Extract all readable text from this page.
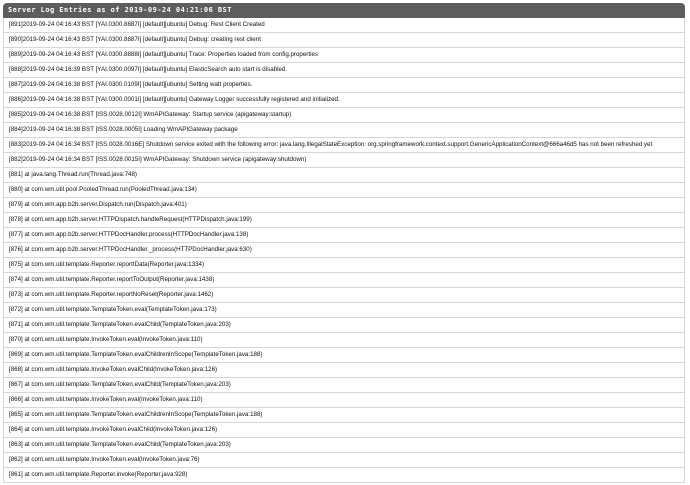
Server Log Entries as of 2019-09-24 04:21:06 BST
[891]2019-09-24 04:16:43 BST [YAI.0300.8887I] [default][ubuntu] Debug: Rest Client Created
[890]2019-09-24 04:16:43 BST [YAI.0300.8887I] [default][ubuntu] Debug: creating rest client
[889]2019-09-24 04:16:43 BST [YAI.0300.8888I] [default][ubuntu] Trace: Properties loaded from config.properties
[888]2019-09-24 04:16:39 BST [YAI.0300.0097I] [default][ubuntu] ElasticSearch auto start is disabled.
[887]2019-09-24 04:16:38 BST [YAI.0300.0109I] [default][ubuntu] Setting watt properties.
[886]2019-09-24 04:16:38 BST [YAI.0300.0001I] [default][ubuntu] Gateway Logger successfully registered and initialized.
[885]2019-09-24 04:16:38 BST [ISS.0028.0012I] WmAPIGateway: Startup service (apigateway:startup)
[884]2019-09-24 04:16:38 BST [ISS.0028.0005I] Loading WmAPIGateway package
[883]2019-09-24 04:16:34 BST [ISS.0028.0016E] Shutdown service exited with the following error: java.lang.IllegalStateException: org.springframework.context.support.GenericApplicationContext@666a46d5 has not been refreshed yet
[882]2019-09-24 04:16:34 BST [ISS.0028.0015I] WmAPIGateway: Shutdown service (apigateway:shutdown)
[881] at java.lang.Thread.run(Thread.java:748)
[880] at com.wm.util.pool.PooledThread.run(PooledThread.java:134)
[879] at com.wm.app.b2b.server.Dispatch.run(Dispatch.java:401)
[878] at com.wm.app.b2b.server.HTTPDispatch.handleRequest(HTTPDispatch.java:199)
[877] at com.wm.app.b2b.server.HTTPDocHandler.process(HTTPDocHandler.java:138)
[876] at com.wm.app.b2b.server.HTTPDocHandler._process(HTTPDocHandler.java:630)
[875] at com.wm.util.template.Reporter.reportIData(Reporter.java:1334)
[874] at com.wm.util.template.Reporter.reportToOutput(Reporter.java:1438)
[873] at com.wm.util.template.Reporter.reportNoReset(Reporter.java:1462)
[872] at com.wm.util.template.TemplateToken.eval(TemplateToken.java:173)
[871] at com.wm.util.template.TemplateToken.evalChild(TemplateToken.java:203)
[870] at com.wm.util.template.InvokeToken.eval(InvokeToken.java:110)
[869] at com.wm.util.template.TemplateToken.evalChildrenInScope(TemplateToken.java:188)
[868] at com.wm.util.template.InvokeToken.evalChild(InvokeToken.java:126)
[867] at com.wm.util.template.TemplateToken.evalChild(TemplateToken.java:203)
[866] at com.wm.util.template.InvokeToken.eval(InvokeToken.java:110)
[865] at com.wm.util.template.TemplateToken.evalChildrenInScope(TemplateToken.java:188)
[864] at com.wm.util.template.InvokeToken.evalChild(InvokeToken.java:126)
[863] at com.wm.util.template.TemplateToken.evalChild(TemplateToken.java:203)
[862] at com.wm.util.template.InvokeToken.eval(InvokeToken.java:76)
[861] at com.wm.util.template.Reporter.invoke(Reporter.java:928)
